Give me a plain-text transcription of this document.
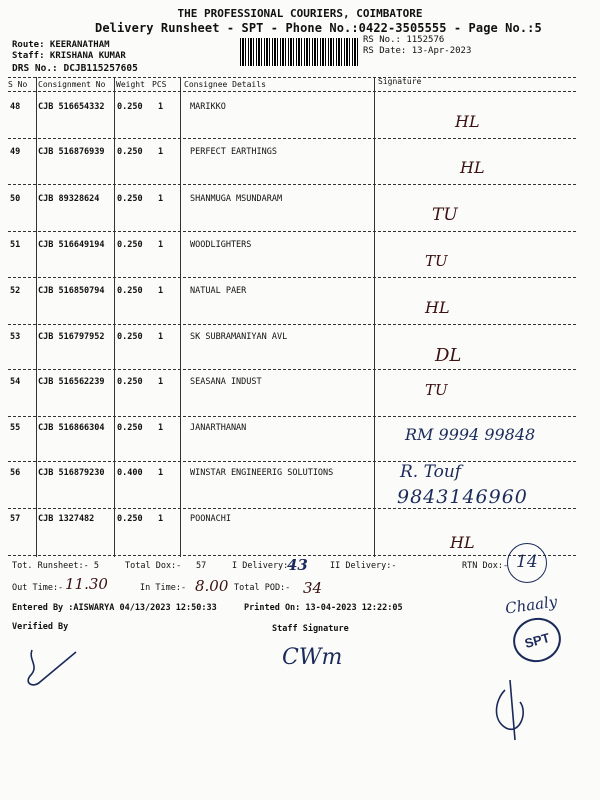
THE PROFESSIONAL COURIERS, COIMBATORE
Delivery Runsheet - SPT - Phone No.:0422-3505555 - Page No.:5
Route: KEERANATHAM
Staff: KRISHANA KUMAR
DRS No.: DCJB115257605
RS No.: 1152576
RS Date: 13-Apr-2023
S No Consignment No Weight PCS Consignee Details	Signature
48 CJB 516654332 0.250 1	MARIKKO
HL
49 CJB 516876939 0.250 1	PERFECT EARTHINGS
HL
50 CJB 89328624 0.250 1	SHANMUGA MSUNDARAM
TU
51 CJB 516649194 0.250 1	WOODLIGHTERS
TU
52 CJB 516850794 0.250 1	NATUAL PAER
HL
53 CJB 516797952 0.250 1	SK SUBRAMANIYAN AVL
DL
54 CJB 516562239 0.250 1	SEASANA INDUST	TU
55 CJB 516866304 0.250 1	JANARTHANAN	RM 9994 99848
56 CJB 516879230 0.400 1	WINSTAR ENGINEERIG SOLUTIONS	R. Touf
9843146960
57 CJB 1327482	0.250 1	POONACHI
HL
Tot. Runsheet:- 5	Total Dox:- 57	I Delivery:-
43	II Delivery:-	RTN Dox:- 14
Out Time:- 11.30	In Time:- 8.00 Total POD:- 34
Entered By :AISWARYA 04/13/2023 12:50:33	Printed On: 13-04-2023 12:22:05
Verified By	Staff Signature
CWm
Chaaly
SPT
